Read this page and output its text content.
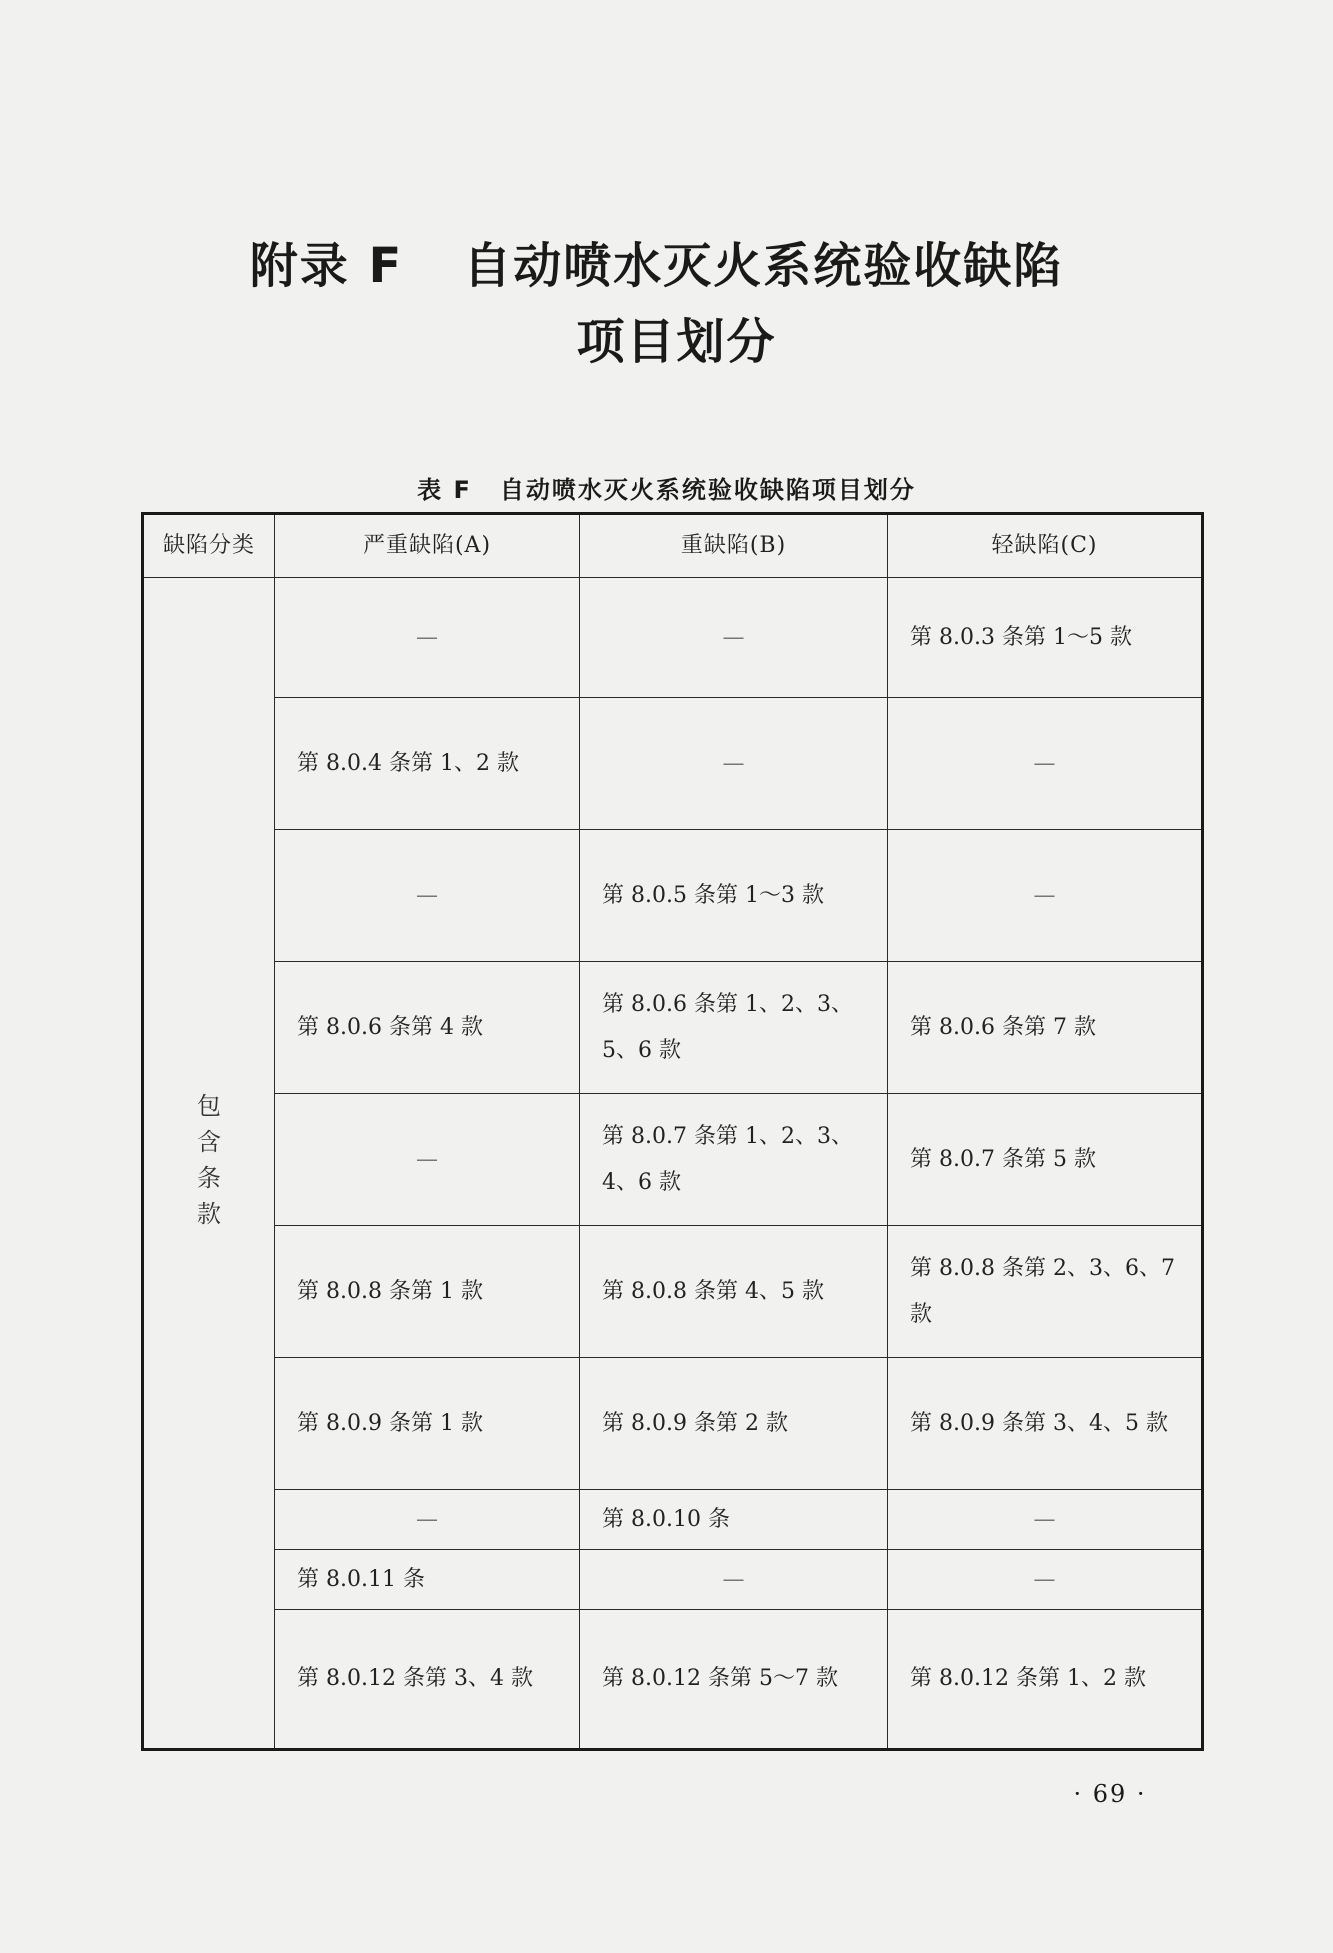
附录 F 自动喷水灭火系统验收缺陷
项目划分
表 F 自动喷水灭火系统验收缺陷项目划分
缺陷分类	严重缺陷(A)	重缺陷(B)	轻缺陷(C)
包含条款	—	—	第 8.0.3 条第 1～5 款
	第 8.0.4 条第 1、2 款	—	—
	—	第 8.0.5 条第 1～3 款	—
	第 8.0.6 条第 4 款	第 8.0.6 条第 1、2、3、5、6 款	第 8.0.6 条第 7 款
	—	第 8.0.7 条第 1、2、3、4、6 款	第 8.0.7 条第 5 款
	第 8.0.8 条第 1 款	第 8.0.8 条第 4、5 款	第 8.0.8 条第 2、3、6、7 款
	第 8.0.9 条第 1 款	第 8.0.9 条第 2 款	第 8.0.9 条第 3、4、5 款
	—	第 8.0.10 条	—
	第 8.0.11 条	—	—
	第 8.0.12 条第 3、4 款	第 8.0.12 条第 5～7 款	第 8.0.12 条第 1、2 款
· 69 ·
